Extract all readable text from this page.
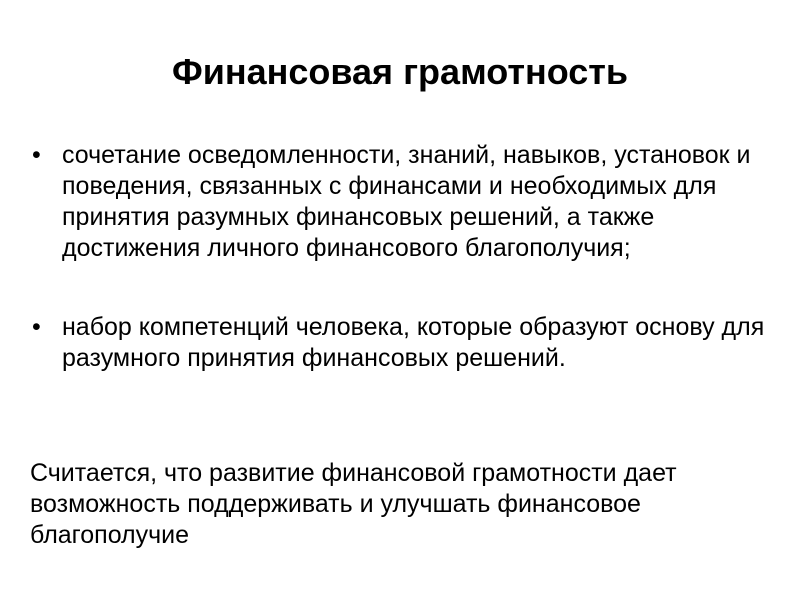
Финансовая грамотность
• сочетание осведомленности, знаний, навыков, установок и поведения, связанных с финансами и необходимых для принятия разумных финансовых решений, а также достижения личного финансового благополучия;
• набор компетенций человека, которые образуют основу для разумного принятия финансовых решений.

Считается, что развитие финансовой грамотности дает возможность поддерживать и улучшать финансовое благополучие
